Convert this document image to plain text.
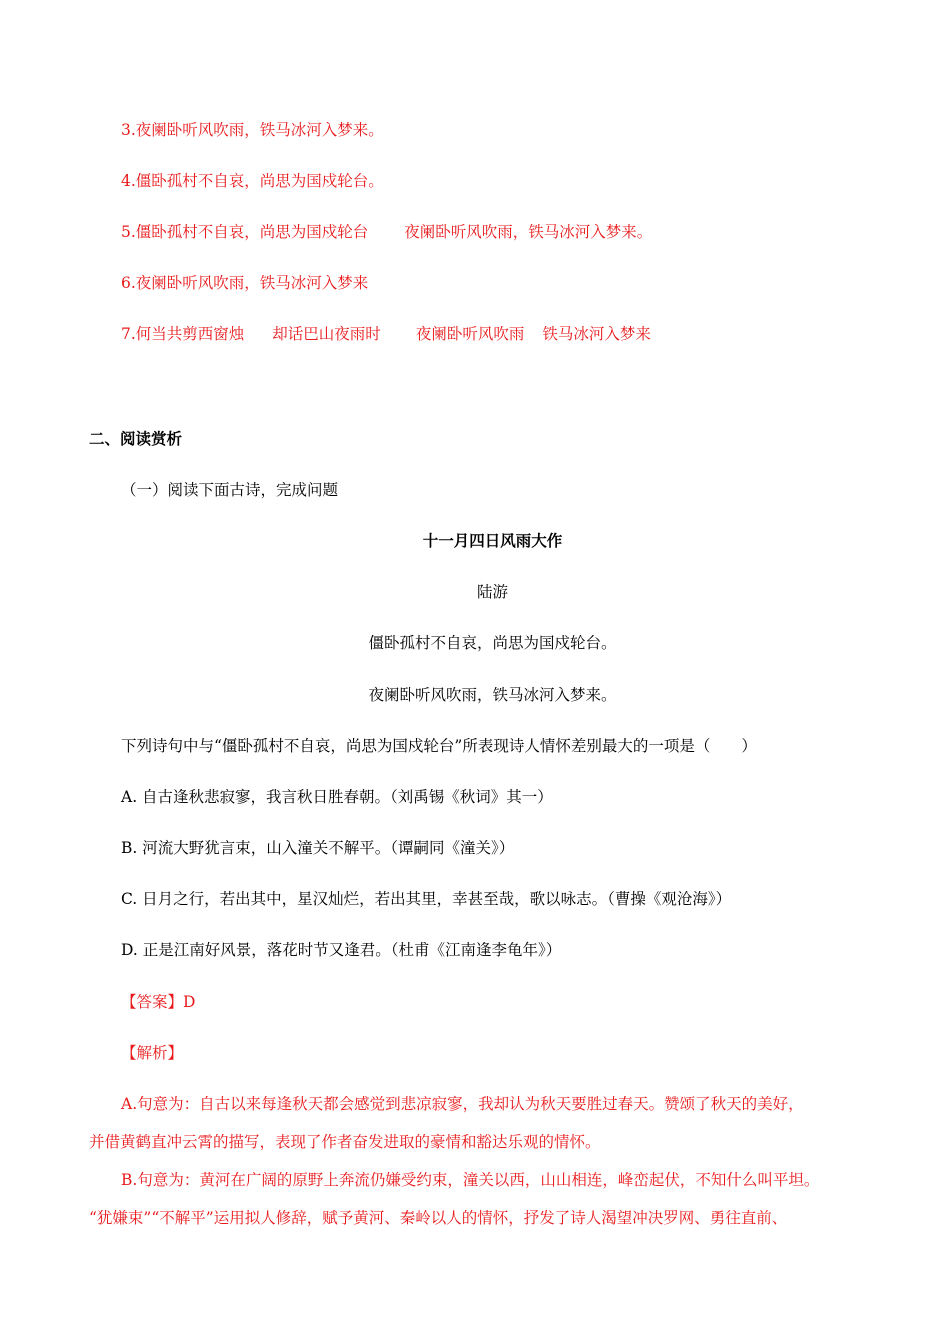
3.夜阑卧听风吹雨，铁马冰河入梦来。
4.僵卧孤村不自哀，尚思为国戍轮台。
5.僵卧孤村不自哀，尚思为国戍轮台 夜阑卧听风吹雨，铁马冰河入梦来。
6.夜阑卧听风吹雨，铁马冰河入梦来
7.何当共剪西窗烛 却话巴山夜雨时 夜阑卧听风吹雨 铁马冰河入梦来
二、阅读赏析
（一）阅读下面古诗，完成问题
十一月四日风雨大作
陆游
僵卧孤村不自哀，尚思为国戍轮台。
夜阑卧听风吹雨，铁马冰河入梦来。
下列诗句中与“僵卧孤村不自哀，尚思为国戍轮台”所表现诗人情怀差别最大的一项是（　　）
A. 自古逢秋悲寂寥，我言秋日胜春朝。（刘禹锡《秋词》其一）
B. 河流大野犹言束，山入潼关不解平。（谭嗣同《潼关》）
C. 日月之行，若出其中，星汉灿烂，若出其里，幸甚至哉，歌以咏志。（曹操《观沧海》）
D. 正是江南好风景，落花时节又逢君。（杜甫《江南逢李龟年》）
【答案】D
【解析】
A.句意为：自古以来每逢秋天都会感觉到悲凉寂寥，我却认为秋天要胜过春天。赞颂了秋天的美好，
并借黄鹤直冲云霄的描写，表现了作者奋发进取的豪情和豁达乐观的情怀。
B.句意为：黄河在广阔的原野上奔流仍嫌受约束，潼关以西，山山相连，峰峦起伏，不知什么叫平坦。
“犹嫌束”“不解平”运用拟人修辞，赋予黄河、秦岭以人的情怀，抒发了诗人渴望冲决罗网、勇往直前、
